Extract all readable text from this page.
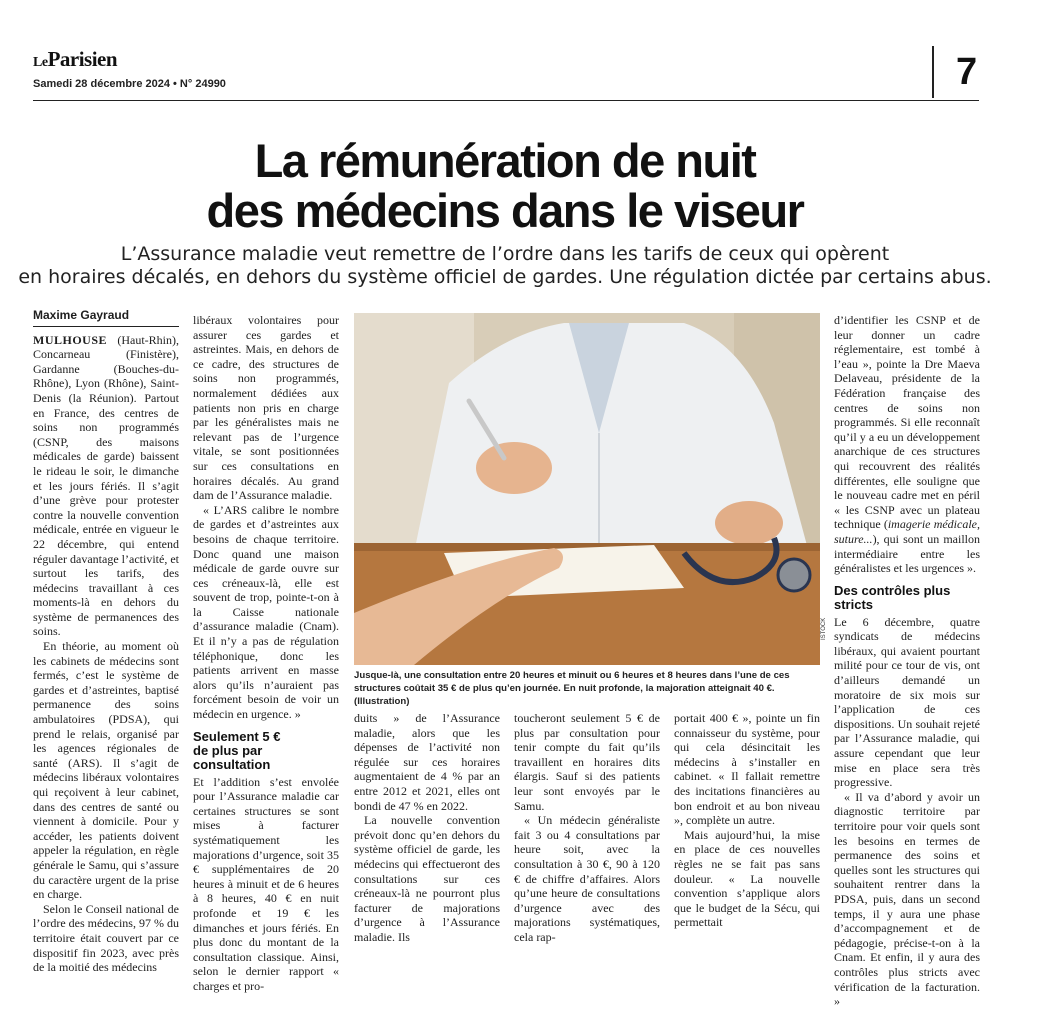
LeParisien
Samedi 28 décembre 2024 • N° 24990	7
La rémunération de nuit
des médecins dans le viseur
L’Assurance maladie veut remettre de l’ordre dans les tarifs de ceux qui opèrent
en horaires décalés, en dehors du système officiel de gardes. Une régulation dictée par certains abus.
Maxime Gayraud

MULHOUSE (Haut-Rhin), Concarneau (Finistère), Gardanne (Bouches-du-Rhône), Lyon (Rhône), Saint-Denis (la Réunion). Partout en France, des centres de soins non programmés (CSNP, des maisons médicales de garde) baissent le rideau le soir, le dimanche et les jours fériés. Il s’agit d’une grève pour protester contre la nouvelle convention médicale, entrée en vigueur le 22 décembre, qui entend réguler davantage l’activité, et surtout les tarifs, des médecins travaillant à ces moments-là en dehors du système de permanences des soins.

En théorie, au moment où les cabinets de médecins sont fermés, c’est le système de gardes et d’astreintes, baptisé permanence des soins ambulatoires (PDSA), qui prend le relais, organisé par les agences régionales de santé (ARS). Il s’agit de médecins libéraux volontaires qui reçoivent à leur cabinet, dans des centres de santé ou viennent à domicile. Pour y accéder, les patients doivent appeler la régulation, en règle générale le Samu, qui s’assure du caractère urgent de la prise en charge.

Selon le Conseil national de l’ordre des médecins, 97 % du territoire était couvert par ce dispositif fin 2023, avec près de la moitié des médecins

libéraux volontaires pour assurer ces gardes et astreintes. Mais, en dehors de ce cadre, des structures de soins non programmés, normalement dédiées aux patients non pris en charge par les généralistes mais ne relevant pas de l’urgence vitale, se sont positionnées sur ces consultations en horaires décalés. Au grand dam de l’Assurance maladie.

« L’ARS calibre le nombre de gardes et d’astreintes aux besoins de chaque territoire. Donc quand une maison médicale de garde ouvre sur ces créneaux-là, elle est souvent de trop, pointe-t-on à la Caisse nationale d’assurance maladie (Cnam). Et il n’y a pas de régulation téléphonique, donc les patients arrivent en masse alors qu’ils n’auraient pas forcément besoin de voir un médecin en urgence. »

Seulement 5 €
de plus par consultation

Et l’addition s’est envolée pour l’Assurance maladie car certaines structures se sont mises à facturer systématiquement les majorations d’urgence, soit 35 € supplémentaires de 20 heures à minuit et de 6 heures à 8 heures, 40 € en nuit profonde et 19 € les dimanches et jours fériés. En plus donc du montant de la consultation classique. Ainsi, selon le dernier rapport « charges et pro-

ISTOCK
Jusque-là, une consultation entre 20 heures et minuit ou 6 heures et 8 heures dans l’une de ces structures coûtait 35 € de plus qu’en journée. En nuit profonde, la majoration atteignait 40 €. (Illustration)

duits » de l’Assurance maladie, alors que les dépenses de l’activité non régulée sur ces horaires augmentaient de 4 % par an entre 2012 et 2021, elles ont bondi de 47 % en 2022.

La nouvelle convention prévoit donc qu’en dehors du système officiel de garde, les médecins qui effectueront des consultations sur ces créneaux-là ne pourront plus facturer de majorations d’urgence à l’Assurance maladie. Ils

toucheront seulement 5 € de plus par consultation pour tenir compte du fait qu’ils travaillent en horaires dits élargis. Sauf si des patients leur sont envoyés par le Samu.

« Un médecin généraliste fait 3 ou 4 consultations par heure soit, avec la consultation à 30 €, 90 à 120 € de chiffre d’affaires. Alors qu’une heure de consultations d’urgence avec des majorations systématiques, cela rap-

portait 400 € », pointe un fin connaisseur du système, pour qui cela désincitait les médecins à s’installer en cabinet. « Il fallait remettre des incitations financières au bon endroit et au bon niveau », complète un autre.

Mais aujourd’hui, la mise en place de ces nouvelles règles ne se fait pas sans douleur. « La nouvelle convention s’applique alors que le budget de la Sécu, qui permettait

d’identifier les CSNP et de leur donner un cadre réglementaire, est tombé à l’eau », pointe la Dre Maeva Delaveau, présidente de la Fédération française des centres de soins non programmés. Si elle reconnaît qu’il y a eu un développement anarchique de ces structures qui recouvrent des réalités différentes, elle souligne que le nouveau cadre met en péril « les CSNP avec un plateau technique (imagerie médicale, suture...), qui sont un maillon intermédiaire entre les généralistes et les urgences ».

Des contrôles plus stricts

Le 6 décembre, quatre syndicats de médecins libéraux, qui avaient pourtant milité pour ce tour de vis, ont d’ailleurs demandé un moratoire de six mois sur l’application de ces dispositions. Un souhait rejeté par l’Assurance maladie, qui assure cependant que leur mise en place sera très progressive.

« Il va d’abord y avoir un diagnostic territoire par territoire pour voir quels sont les besoins en termes de permanence des soins et quelles sont les structures qui souhaitent rentrer dans la PDSA, puis, dans un second temps, il y aura une phase d’accompagnement et de pédagogie, précise-t-on à la Cnam. Et enfin, il y aura des contrôles plus stricts avec vérification de la facturation. »
